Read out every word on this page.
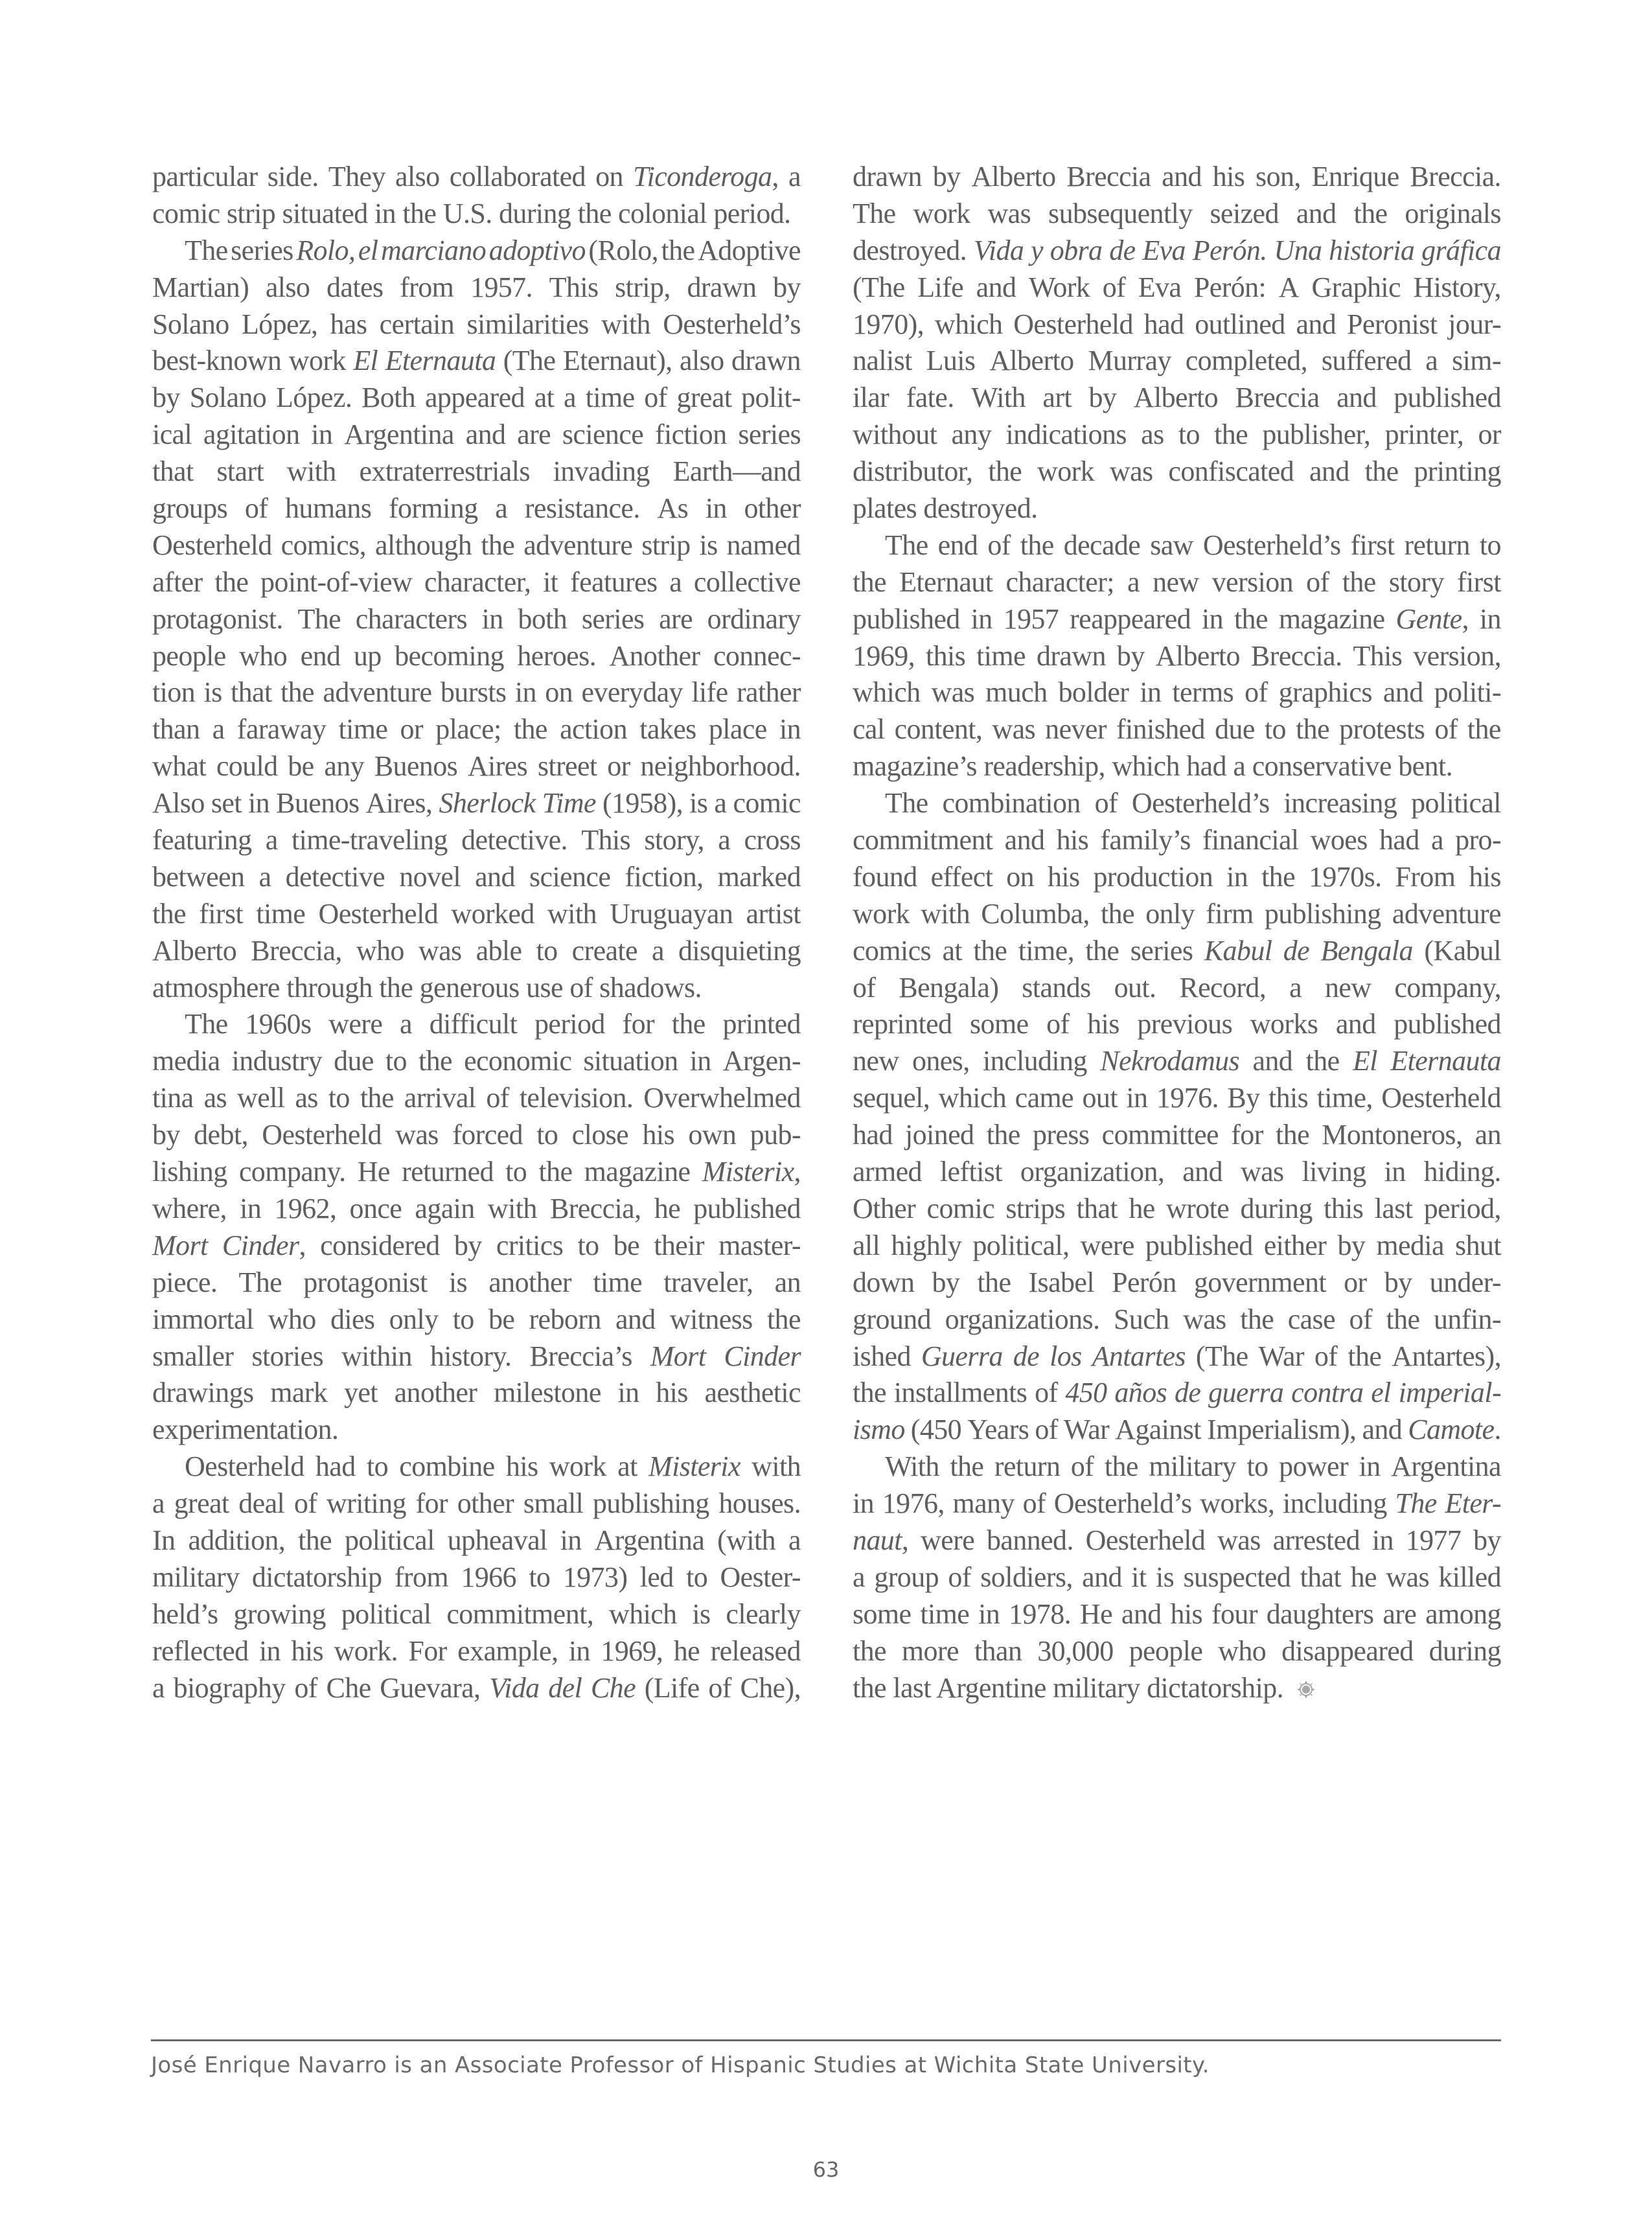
particular side. They also collaborated on Ticonderoga, a
comic strip situated in the U.S. during the colonial period.
The series Rolo, el marciano adoptivo (Rolo, the Adoptive
Martian) also dates from 1957. This strip, drawn by
Solano López, has certain similarities with Oesterheld’s
best-known work El Eternauta (The Eternaut), also drawn
by Solano López. Both appeared at a time of great polit-
ical agitation in Argentina and are science fiction series
that start with extraterrestrials invading Earth—and
groups of humans forming a resistance. As in other
Oesterheld comics, although the adventure strip is named
after the point-of-view character, it features a collective
protagonist. The characters in both series are ordinary
people who end up becoming heroes. Another connec-
tion is that the adventure bursts in on everyday life rather
than a faraway time or place; the action takes place in
what could be any Buenos Aires street or neighborhood.
Also set in Buenos Aires, Sherlock Time (1958), is a comic
featuring a time-traveling detective. This story, a cross
between a detective novel and science fiction, marked
the first time Oesterheld worked with Uruguayan artist
Alberto Breccia, who was able to create a disquieting
atmosphere through the generous use of shadows.
The 1960s were a difficult period for the printed
media industry due to the economic situation in Argen-
tina as well as to the arrival of television. Overwhelmed
by debt, Oesterheld was forced to close his own pub-
lishing company. He returned to the magazine Misterix,
where, in 1962, once again with Breccia, he published
Mort Cinder, considered by critics to be their master-
piece. The protagonist is another time traveler, an
immortal who dies only to be reborn and witness the
smaller stories within history. Breccia’s Mort Cinder
drawings mark yet another milestone in his aesthetic
experimentation.
Oesterheld had to combine his work at Misterix with
a great deal of writing for other small publishing houses.
In addition, the political upheaval in Argentina (with a
military dictatorship from 1966 to 1973) led to Oester-
held’s growing political commitment, which is clearly
reflected in his work. For example, in 1969, he released
a biography of Che Guevara, Vida del Che (Life of Che),
drawn by Alberto Breccia and his son, Enrique Breccia.
The work was subsequently seized and the originals
destroyed. Vida y obra de Eva Perón. Una historia gráfica
(The Life and Work of Eva Perón: A Graphic History,
1970), which Oesterheld had outlined and Peronist jour-
nalist Luis Alberto Murray completed, suffered a sim-
ilar fate. With art by Alberto Breccia and published
without any indications as to the publisher, printer, or
distributor, the work was confiscated and the printing
plates destroyed.
The end of the decade saw Oesterheld’s first return to
the Eternaut character; a new version of the story first
published in 1957 reappeared in the magazine Gente, in
1969, this time drawn by Alberto Breccia. This version,
which was much bolder in terms of graphics and politi-
cal content, was never finished due to the protests of the
magazine’s readership, which had a conservative bent.
The combination of Oesterheld’s increasing political
commitment and his family’s financial woes had a pro-
found effect on his production in the 1970s. From his
work with Columba, the only firm publishing adventure
comics at the time, the series Kabul de Bengala (Kabul
of Bengala) stands out. Record, a new company,
reprinted some of his previous works and published
new ones, including Nekrodamus and the El Eternauta
sequel, which came out in 1976. By this time, Oesterheld
had joined the press committee for the Montoneros, an
armed leftist organization, and was living in hiding.
Other comic strips that he wrote during this last period,
all highly political, were published either by media shut
down by the Isabel Perón government or by under-
ground organizations. Such was the case of the unfin-
ished Guerra de los Antartes (The War of the Antartes),
the installments of 450 años de guerra contra el imperial-
ismo (450 Years of War Against Imperialism), and Camote.
With the return of the military to power in Argentina
in 1976, many of Oesterheld’s works, including The Eter-
naut, were banned. Oesterheld was arrested in 1977 by
a group of soldiers, and it is suspected that he was killed
some time in 1978. He and his four daughters are among
the more than 30,000 people who disappeared during
the last Argentine military dictatorship.
José Enrique Navarro is an Associate Professor of Hispanic Studies at Wichita State University.
63
